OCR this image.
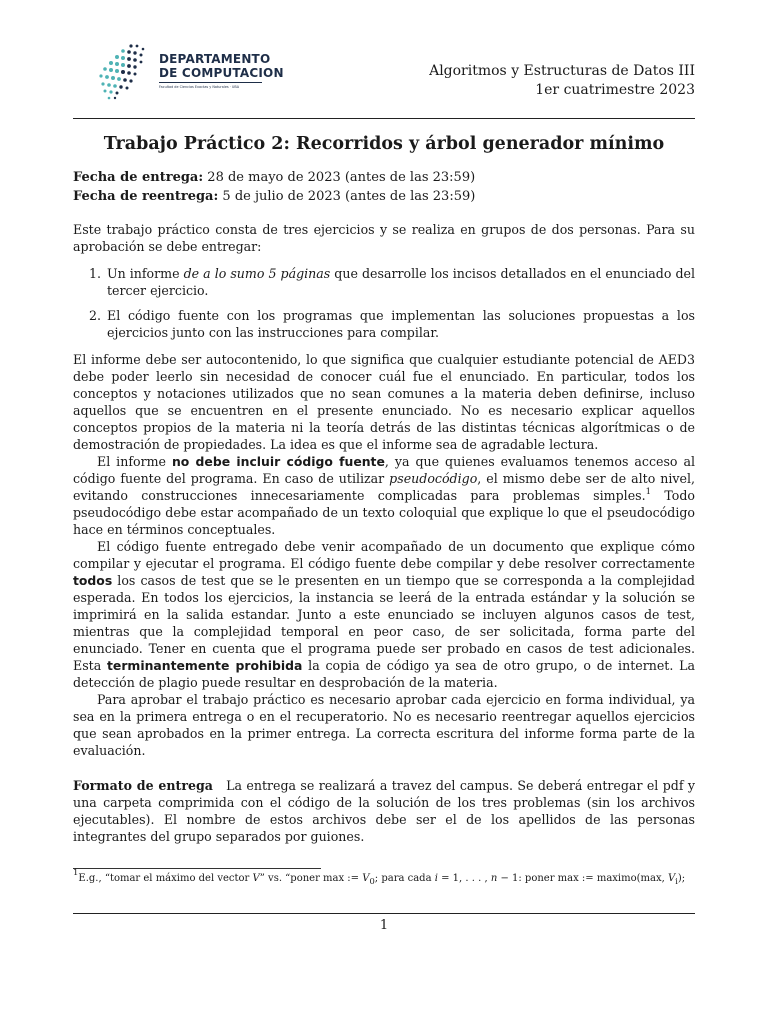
DEPARTAMENTO
DE COMPUTACION
Facultad de Ciencias Exactas y Naturales · UBA
Algoritmos y Estructuras de Datos III
1er cuatrimestre 2023
Trabajo Práctico 2: Recorridos y árbol generador mínimo
Fecha de entrega: 28 de mayo de 2023 (antes de las 23:59)
Fecha de reentrega: 5 de julio de 2023 (antes de las 23:59)

Este trabajo práctico consta de tres ejercicios y se realiza en grupos de dos personas. Para su aprobación se debe entregar:

1. Un informe de a lo sumo 5 páginas que desarrolle los incisos detallados en el enunciado del tercer ejercicio.
2. El código fuente con los programas que implementan las soluciones propuestas a los ejercicios junto con las instrucciones para compilar.

El informe debe ser autocontenido, lo que significa que cualquier estudiante potencial de AED3 debe poder leerlo sin necesidad de conocer cuál fue el enunciado. En particular, todos los conceptos y notaciones utilizados que no sean comunes a la materia deben definirse, incluso aquellos que se encuentren en el presente enunciado. No es necesario explicar aquellos conceptos propios de la materia ni la teoría detrás de las distintas técnicas algorítmicas o de demostración de propiedades. La idea es que el informe sea de agradable lectura.

El informe no debe incluir código fuente, ya que quienes evaluamos tenemos acceso al código fuente del programa. En caso de utilizar pseudocódigo, el mismo debe ser de alto nivel, evitando construcciones innecesariamente complicadas para problemas simples.$^1$ Todo pseudocódigo debe estar acompañado de un texto coloquial que explique lo que el pseudocódigo hace en términos conceptuales.

El código fuente entregado debe venir acompañado de un documento que explique cómo compilar y ejecutar el programa. El código fuente debe compilar y debe resolver correctamente todos los casos de test que se le presenten en un tiempo que se corresponda a la complejidad esperada. En todos los ejercicios, la instancia se leerá de la entrada estándar y la solución se imprimirá en la salida estandar. Junto a este enunciado se incluyen algunos casos de test, mientras que la complejidad temporal en peor caso, de ser solicitada, forma parte del enunciado. Tener en cuenta que el programa puede ser probado en casos de test adicionales. Esta terminantemente prohibida la copia de código ya sea de otro grupo, o de internet. La detección de plagio puede resultar en desprobación de la materia.

Para aprobar el trabajo práctico es necesario aprobar cada ejercicio en forma individual, ya sea en la primera entrega o en el recuperatorio. No es necesario reentregar aquellos ejercicios que sean aprobados en la primer entrega. La correcta escritura del informe forma parte de la evaluación.

Formato de entrega La entrega se realizará a travez del campus. Se deberá entregar el pdf y una carpeta comprimida con el código de la solución de los tres problemas (sin los archivos ejecutables). El nombre de estos archivos debe ser el de los apellidos de las personas integrantes del grupo separados por guiones.

$^1$E.g., “tomar el máximo del vector V” vs. “poner max := $V_0$; para cada i = 1, . . . , n − 1: poner max := maximo(max, $V_i$);
1
